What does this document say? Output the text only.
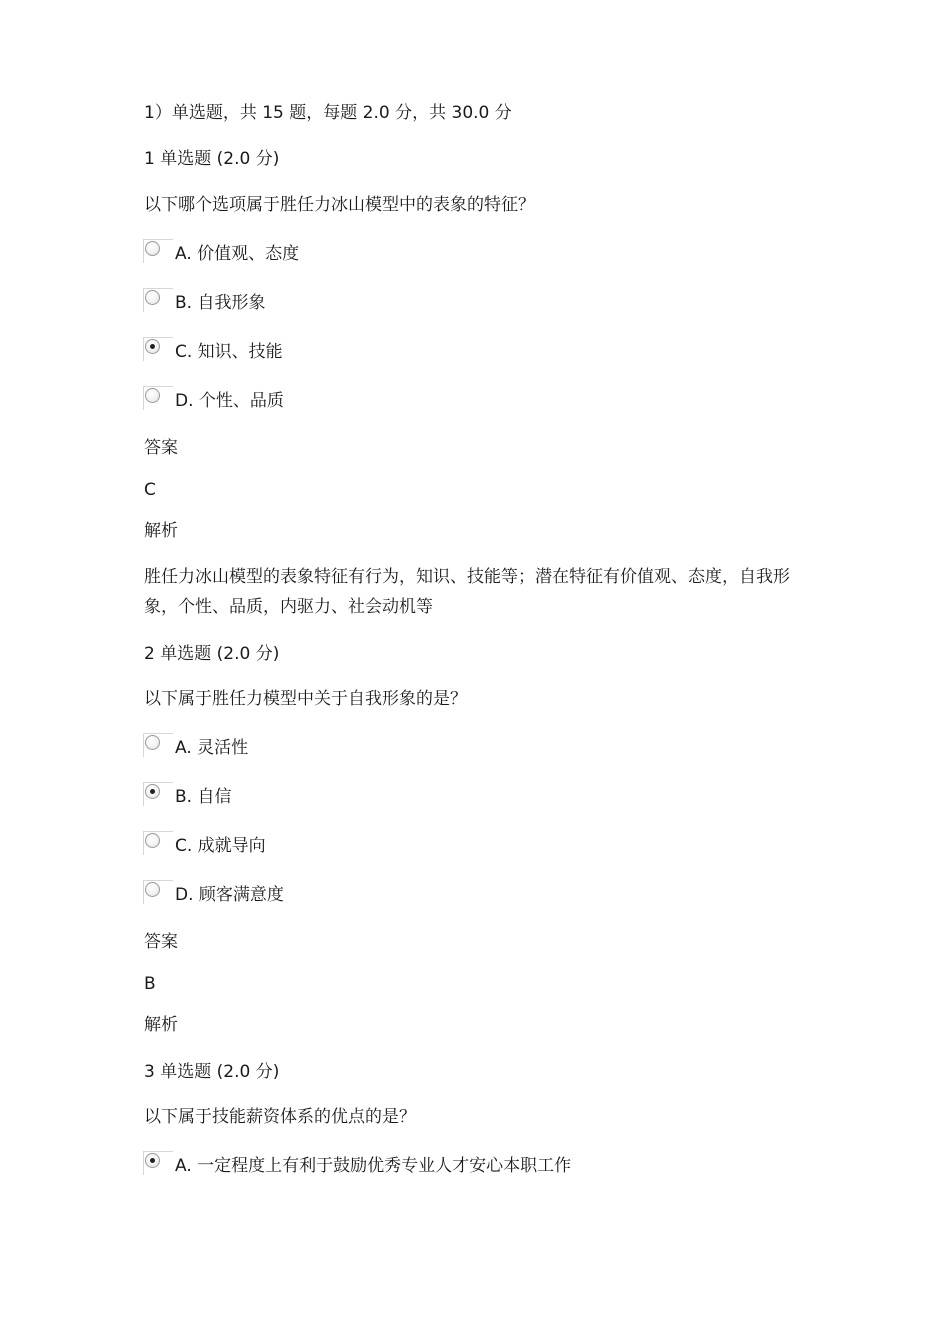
1）单选题，共 15 题，每题 2.0 分，共 30.0 分
1 单选题 (2.0 分)
以下哪个选项属于胜任力冰山模型中的表象的特征？
A. 价值观、态度
B. 自我形象
C. 知识、技能
D. 个性、品质
答案
C
解析
胜任力冰山模型的表象特征有行为，知识、技能等；潜在特征有价值观、态度，自我形象，个性、品质，内驱力、社会动机等
2 单选题 (2.0 分)
以下属于胜任力模型中关于自我形象的是？
A. 灵活性
B. 自信
C. 成就导向
D. 顾客满意度
答案
B
解析
3 单选题 (2.0 分)
以下属于技能薪资体系的优点的是？
A. 一定程度上有利于鼓励优秀专业人才安心本职工作
